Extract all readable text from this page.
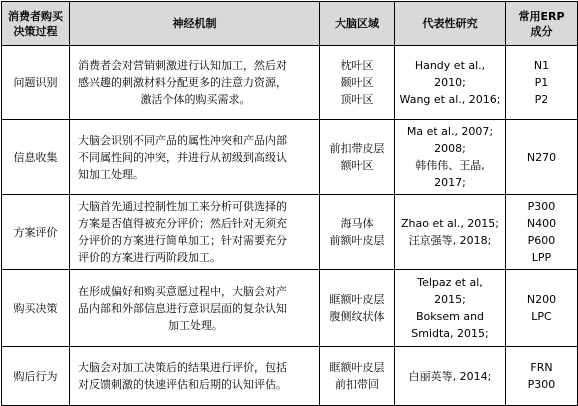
消费者购买
决策过程	神经机制	大脑区域	代表性研究	常用ERP
成分

问题识别	消费者会对营销刺激进行认知加工，然后对
感兴趣的刺激材料分配更多的注意力资源，
激活个体的购买需求。	枕叶区
颞叶区
顶叶区	Handy et al.,
2010;
Wang et al., 2016;	N1
P1
P2

信息收集	大脑会识别不同产品的属性冲突和产品内部
不同属性间的冲突，并进行从初级到高级认
知加工处理。	前扣带皮层
额叶区	Ma et al., 2007;
2008;
韩伟伟、王晶,
2017;	N270

方案评价	大脑首先通过控制性加工来分析可供选择的
方案是否值得被充分评价；然后针对无须充
分评价的方案进行简单加工；针对需要充分
评价的方案进行两阶段加工。	海马体
前额叶皮层	Zhao et al., 2015;
汪京强等, 2018;	P300
N400
P600
LPP

购买决策	在形成偏好和购买意愿过程中，大脑会对产
品内部和外部信息进行意识层面的复杂认知
加工处理。	眶额叶皮层
腹侧纹状体	Telpaz et al,
2015;
Boksem and
Smidta, 2015;	N200
LPC

购后行为	大脑会对加工决策后的结果进行评价，包括
对反馈刺激的快速评估和后期的认知评估。	眶额叶皮层
前扣带回	白丽英等, 2014;	FRN
P300
